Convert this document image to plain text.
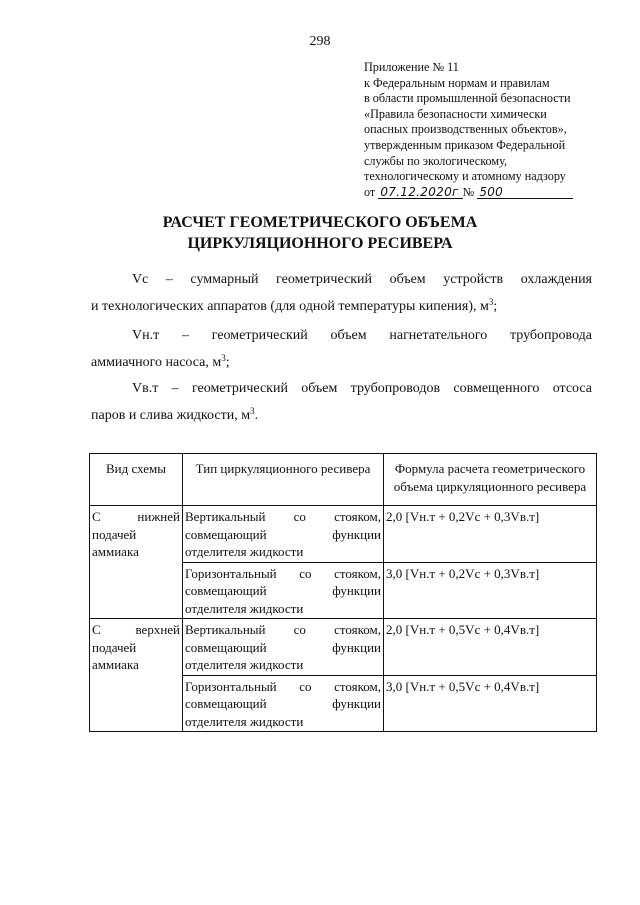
298
Приложение № 11
к Федеральным нормам и правилам
в области промышленной безопасности
«Правила безопасности химически
опасных производственных объектов»,
утвержденным приказом Федеральной
службы по экологическому,
технологическому и атомному надзору
от 07.12.2020г № 500
РАСЧЕТ ГЕОМЕТРИЧЕСКОГО ОБЪЕМА
ЦИРКУЛЯЦИОННОГО РЕСИВЕРА
Vc – суммарный геометрический объем устройств охлаждения
и технологических аппаратов (для одной температуры кипения), $м^3$;
Vн.т – геометрический объем нагнетательного трубопровода
аммиачного насоса, $м^3$;
Vв.т – геометрический объем трубопроводов совмещенного отсоса
паров и слива жидкости, $м^3$.
Вид схемы	Тип циркуляционного ресивера	Формула расчета геометрического объема циркуляционного ресивера

С нижней
подачей аммиака	Вертикальный со стояком,
совмещающий функции
отделителя жидкости	2,0 [Vн.т + 0,2Vc + 0,3Vв.т]

	Горизонтальный со стояком,
совмещающий функции
отделителя жидкости	3,0 [Vн.т + 0,2Vc + 0,3Vв.т]

С верхней
подачей аммиака	Вертикальный со стояком,
совмещающий функции
отделителя жидкости	2,0 [Vн.т + 0,5Vc + 0,4Vв.т]

	Горизонтальный со стояком,
совмещающий функции
отделителя жидкости	3,0 [Vн.т + 0,5Vc + 0,4Vв.т]
